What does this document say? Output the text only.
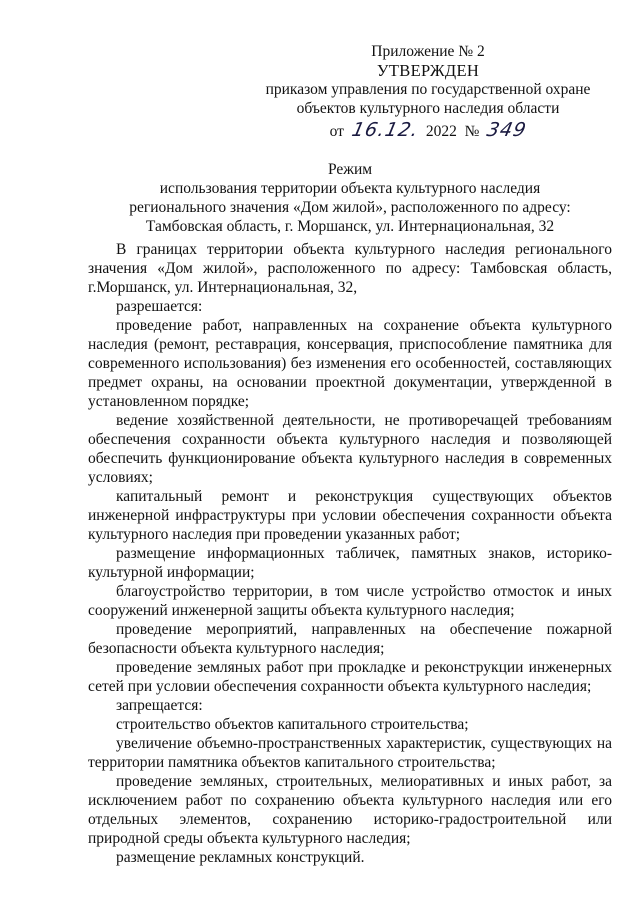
Приложение № 2
УТВЕРЖДЕН
приказом управления по государственной охране
объектов культурного наследия области
от 16.12. 2022 № 349
Режим
использования территории объекта культурного наследия
регионального значения «Дом жилой», расположенного по адресу:
Тамбовская область, г. Моршанск, ул. Интернациональная, 32

В границах территории объекта культурного наследия регионального значения «Дом жилой», расположенного по адресу: Тамбовская область, г.Моршанск, ул. Интернациональная, 32,

разрешается:

проведение работ, направленных на сохранение объекта культурного наследия (ремонт, реставрация, консервация, приспособление памятника для современного использования) без изменения его особенностей, составляющих предмет охраны, на основании проектной документации, утвержденной в установленном порядке;

ведение хозяйственной деятельности, не противоречащей требованиям обеспечения сохранности объекта культурного наследия и позволяющей обеспечить функционирование объекта культурного наследия в современных условиях;

капитальный ремонт и реконструкция существующих объектов инженерной инфраструктуры при условии обеспечения сохранности объекта культурного наследия при проведении указанных работ;

размещение информационных табличек, памятных знаков, историко-культурной информации;

благоустройство территории, в том числе устройство отмосток и иных сооружений инженерной защиты объекта культурного наследия;

проведение мероприятий, направленных на обеспечение пожарной безопасности объекта культурного наследия;

проведение земляных работ при прокладке и реконструкции инженерных сетей при условии обеспечения сохранности объекта культурного наследия;

запрещается:

строительство объектов капитального строительства;

увеличение объемно-пространственных характеристик, существующих на территории памятника объектов капитального строительства;

проведение земляных, строительных, мелиоративных и иных работ, за исключением работ по сохранению объекта культурного наследия или его отдельных элементов, сохранению историко-градостроительной или природной среды объекта культурного наследия;

размещение рекламных конструкций.
